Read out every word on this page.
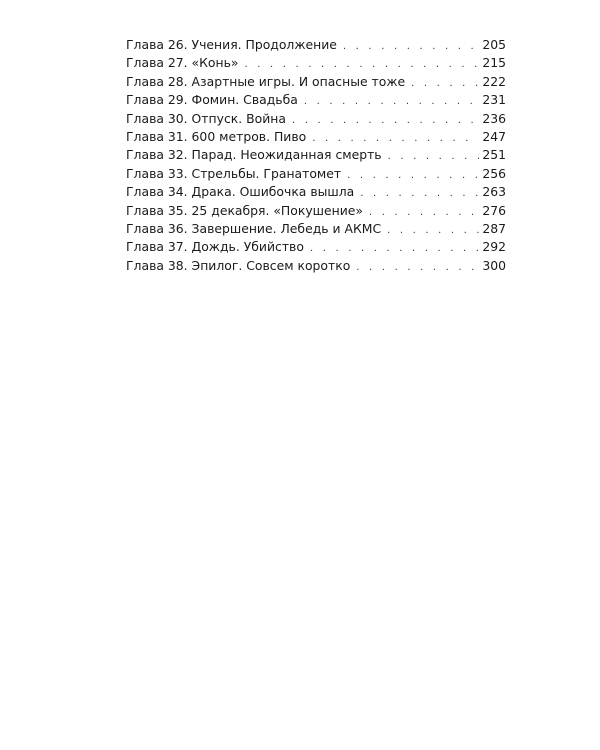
Глава 26. Учения. Продолжение . . .	205
Глава 27. «Конь» . . .	215
Глава 28. Азартные игры. И опасные тоже . . .	222
Глава 29. Фомин. Свадьба . . .	231
Глава 30. Отпуск. Война . . .	236
Глава 31. 600 метров. Пиво . . .	247
Глава 32. Парад. Неожиданная смерть . . .	251
Глава 33. Стрельбы. Гранатомет . . .	256
Глава 34. Драка. Ошибочка вышла . . .	263
Глава 35. 25 декабря. «Покушение» . . .	276
Глава 36. Завершение. Лебедь и АКМС . . .	287
Глава 37. Дождь. Убийство . . .	292
Глава 38. Эпилог. Совсем коротко . . .	300
